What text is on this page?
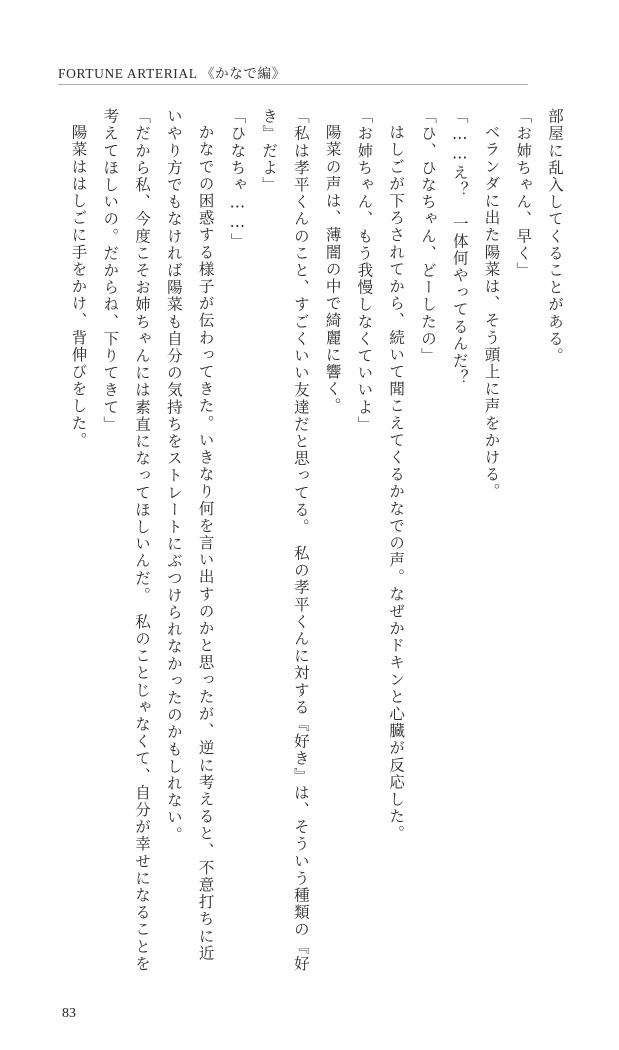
FORTUNE ARTERIAL 《かなで編》

部屋に乱入してくることがある。

「お姉ちゃん、早く」

ベランダに出た陽菜は、そう頭上に声をかける。

「……え？　一体何やってるんだ？

「ひ、ひなちゃん、どーしたの」

はしごが下ろされてから、続いて聞こえてくるかなでの声。なぜかドキンと心臓が反応した。

「お姉ちゃん、もう我慢しなくていいよ」

陽菜の声は、薄闇の中で綺麗に響く。

「私は孝平くんのこと、すごくいい友達だと思ってる。　私の孝平くんに対する『好き』は、そういう種類の『好き』だよ」

「ひなちゃ……」

かなでの困惑する様子が伝わってきた。いきなり何を言い出すのかと思ったが、逆に考えると、不意打ちに近いやり方でもなければ陽菜も自分の気持ちをストレートにぶつけられなかったのかもしれない。

「だから私、今度こそお姉ちゃんには素直になってほしいんだ。　私のことじゃなくて、自分が幸せになることを考えてほしいの。だからね、下りてきて」

陽菜ははしごに手をかけ、背伸びをした。

83
